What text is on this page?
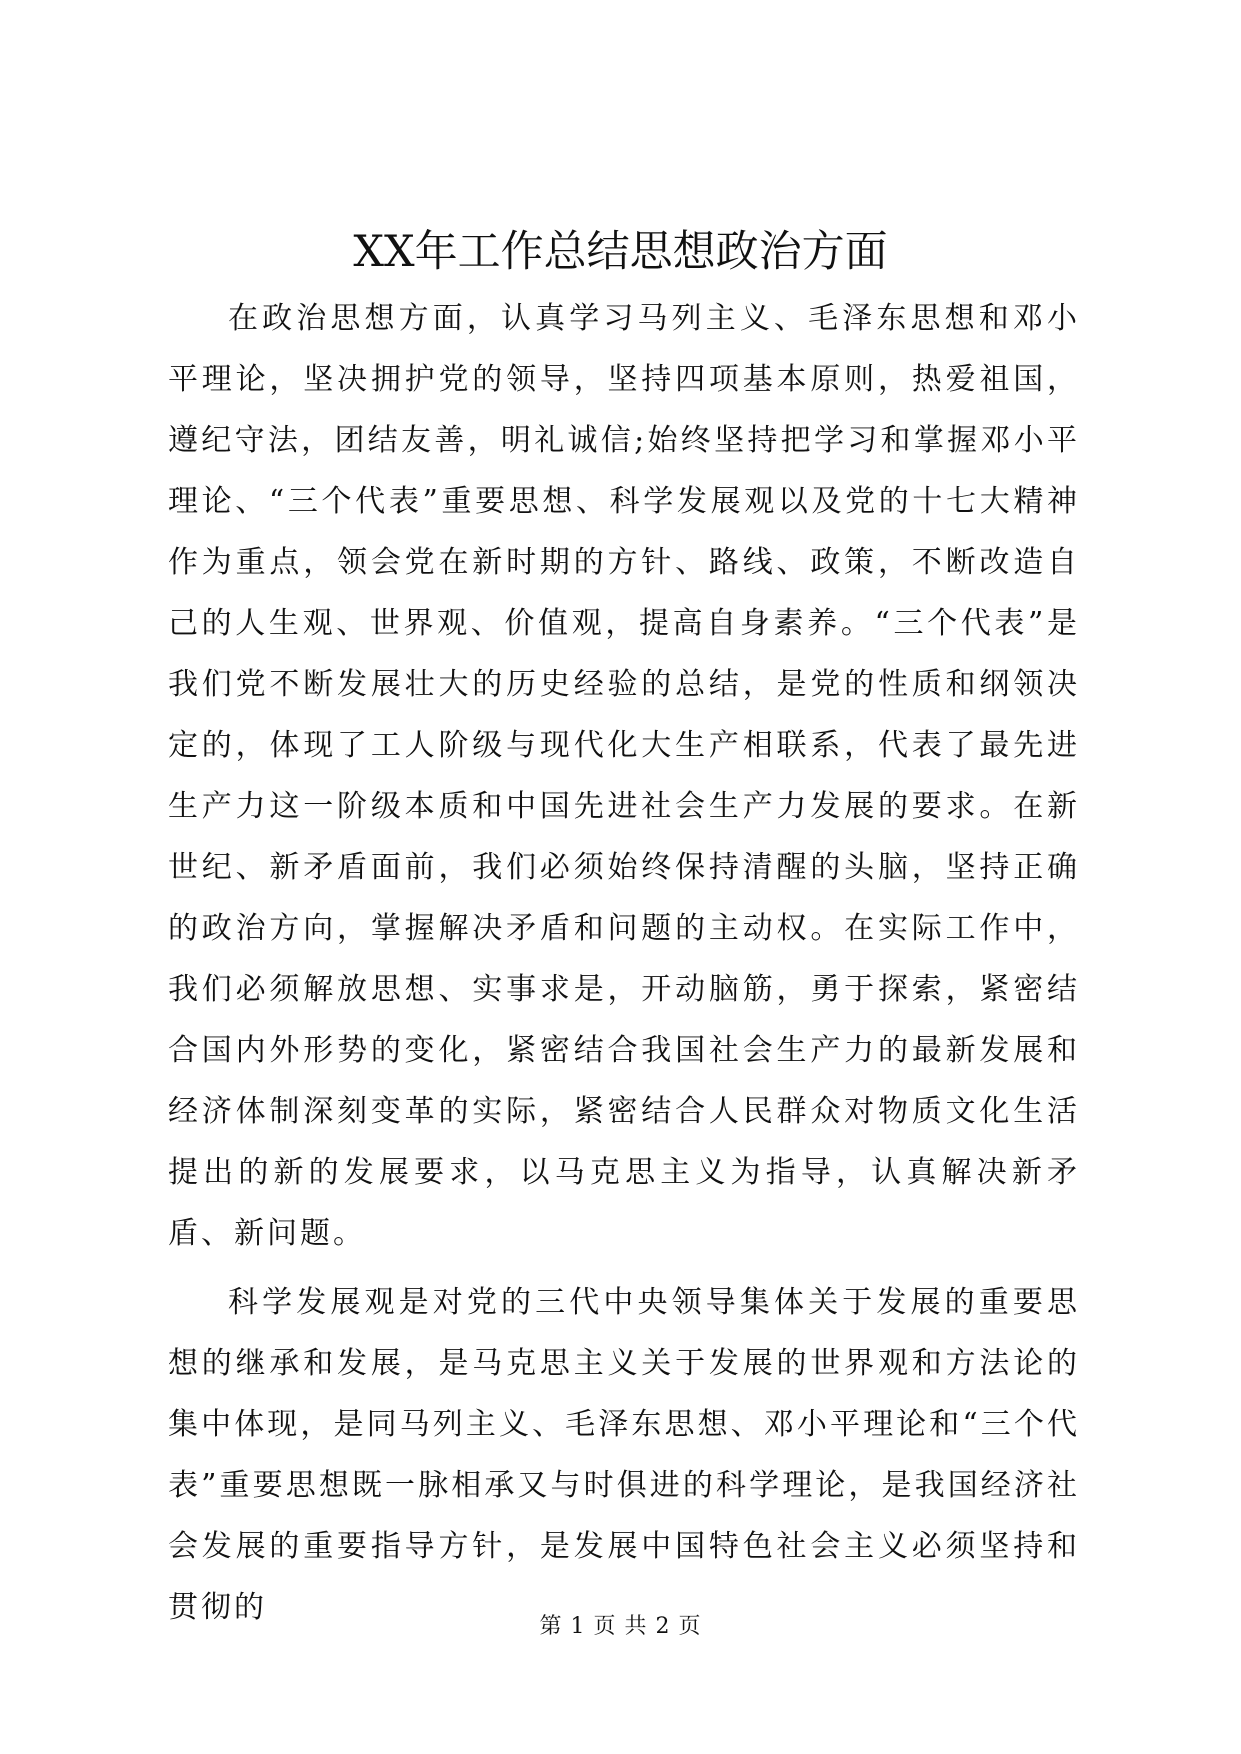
XX年工作总结思想政治方面

在政治思想方面，认真学习马列主义、毛泽东思想和邓小平理论，坚决拥护党的领导，坚持四项基本原则，热爱祖国，遵纪守法，团结友善，明礼诚信;始终坚持把学习和掌握邓小平理论、“三个代表”重要思想、科学发展观以及党的十七大精神作为重点，领会党在新时期的方针、路线、政策，不断改造自己的人生观、世界观、价值观，提高自身素养。“三个代表”是我们党不断发展壮大的历史经验的总结，是党的性质和纲领决定的，体现了工人阶级与现代化大生产相联系，代表了最先进生产力这一阶级本质和中国先进社会生产力发展的要求。在新世纪、新矛盾面前，我们必须始终保持清醒的头脑，坚持正确的政治方向，掌握解决矛盾和问题的主动权。在实际工作中，我们必须解放思想、实事求是，开动脑筋，勇于探索，紧密结合国内外形势的变化，紧密结合我国社会生产力的最新发展和经济体制深刻变革的实际，紧密结合人民群众对物质文化生活提出的新的发展要求，以马克思主义为指导，认真解决新矛盾、新问题。

科学发展观是对党的三代中央领导集体关于发展的重要思想的继承和发展，是马克思主义关于发展的世界观和方法论的集中体现，是同马列主义、毛泽东思想、邓小平理论和“三个代表”重要思想既一脉相承又与时俱进的科学理论，是我国经济社会发展的重要指导方针，是发展中国特色社会主义必须坚持和贯彻的

第 1 页 共 2 页
